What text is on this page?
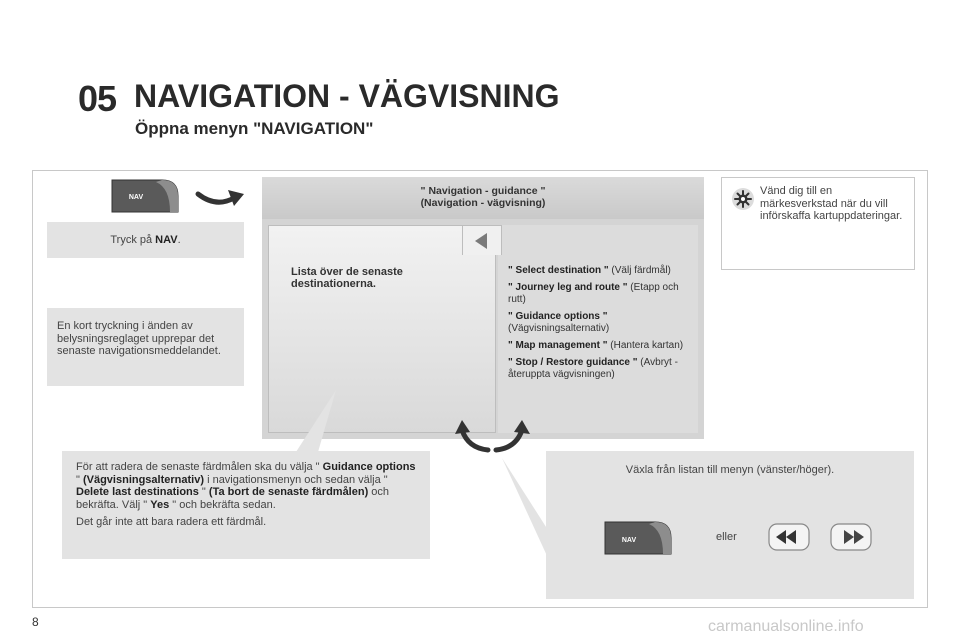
05 NAVIGATION - VÄGVISNING
Öppna menyn "NAVIGATION"
NAV
Tryck på NAV.
En kort tryckning i änden av belysningsreglaget upprepar det senaste navigationsmeddelandet.
" Navigation - guidance "
(Navigation - vägvisning)
Lista över de senaste destinationerna.
" Select destination " (Välj färdmål)
" Journey leg and route " (Etapp och rutt)
" Guidance options " (Vägvisningsalternativ)
" Map management " (Hantera kartan)
" Stop / Restore guidance " (Avbryt - återuppta vägvisningen)
Vänd dig till en märkesverkstad när du vill införskaffa kartuppdateringar.
För att radera de senaste färdmålen ska du välja " Guidance options " (Vägvisningsalternativ) i navigationsmenyn och sedan välja " Delete last destinations " (Ta bort de senaste färdmålen) och bekräfta. Välj " Yes " och bekräfta sedan.
Det går inte att bara radera ett färdmål.
Växla från listan till menyn (vänster/höger).
eller
NAV
8	carmanualsonline.info
